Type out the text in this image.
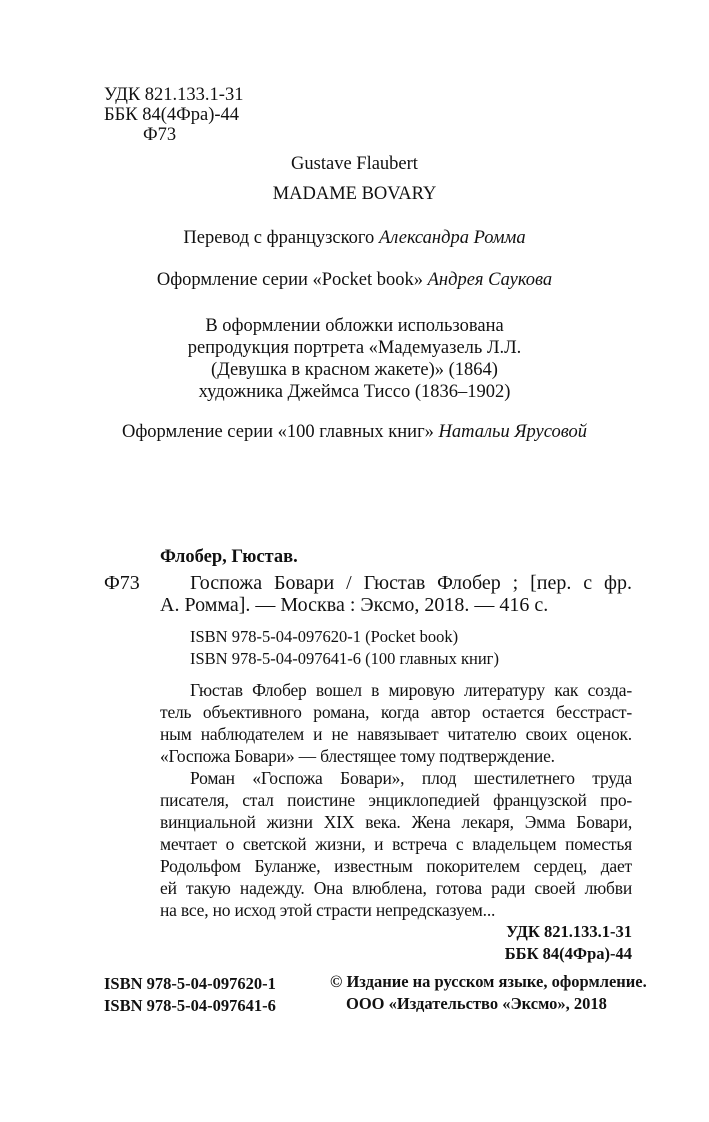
УДК 821.133.1-31
ББК 84(4Фра)-44
Ф73
Gustave Flaubert
MADAME BOVARY
Перевод с французского Александра Ромма
Оформление серии «Pocket book» Андрея Саукова
В оформлении обложки использована
репродукция портрета «Мадемуазель Л.Л.
(Девушка в красном жакете)» (1864)
художника Джеймса Тиссо (1836–1902)
Оформление серии «100 главных книг» Натальи Ярусовой
Флобер, Гюстав.
Ф73	Госпожа Бовари / Гюстав Флобер ; [пер. с фр.
А. Ромма]. — Москва : Эксмо, 2018. — 416 с.
ISBN 978-5-04-097620-1 (Pocket book)
ISBN 978-5-04-097641-6 (100 главных книг)
Гюстав Флобер вошел в мировую литературу как созда-
тель объективного романа, когда автор остается бесстраст-
ным наблюдателем и не навязывает читателю своих оценок.
«Госпожа Бовари» — блестящее тому подтверждение.
Роман «Госпожа Бовари», плод шестилетнего труда
писателя, стал поистине энциклопедией французской про-
винциальной жизни XIX века. Жена лекаря, Эмма Бовари,
мечтает о светской жизни, и встреча с владельцем поместья
Родольфом Буланже, известным покорителем сердец, дает
ей такую надежду. Она влюблена, готова ради своей любви
на все, но исход этой страсти непредсказуем...
УДК 821.133.1-31
ББК 84(4Фра)-44
ISBN 978-5-04-097620-1
ISBN 978-5-04-097641-6
© Издание на русском языке, оформление.
ООО «Издательство «Эксмо», 2018
